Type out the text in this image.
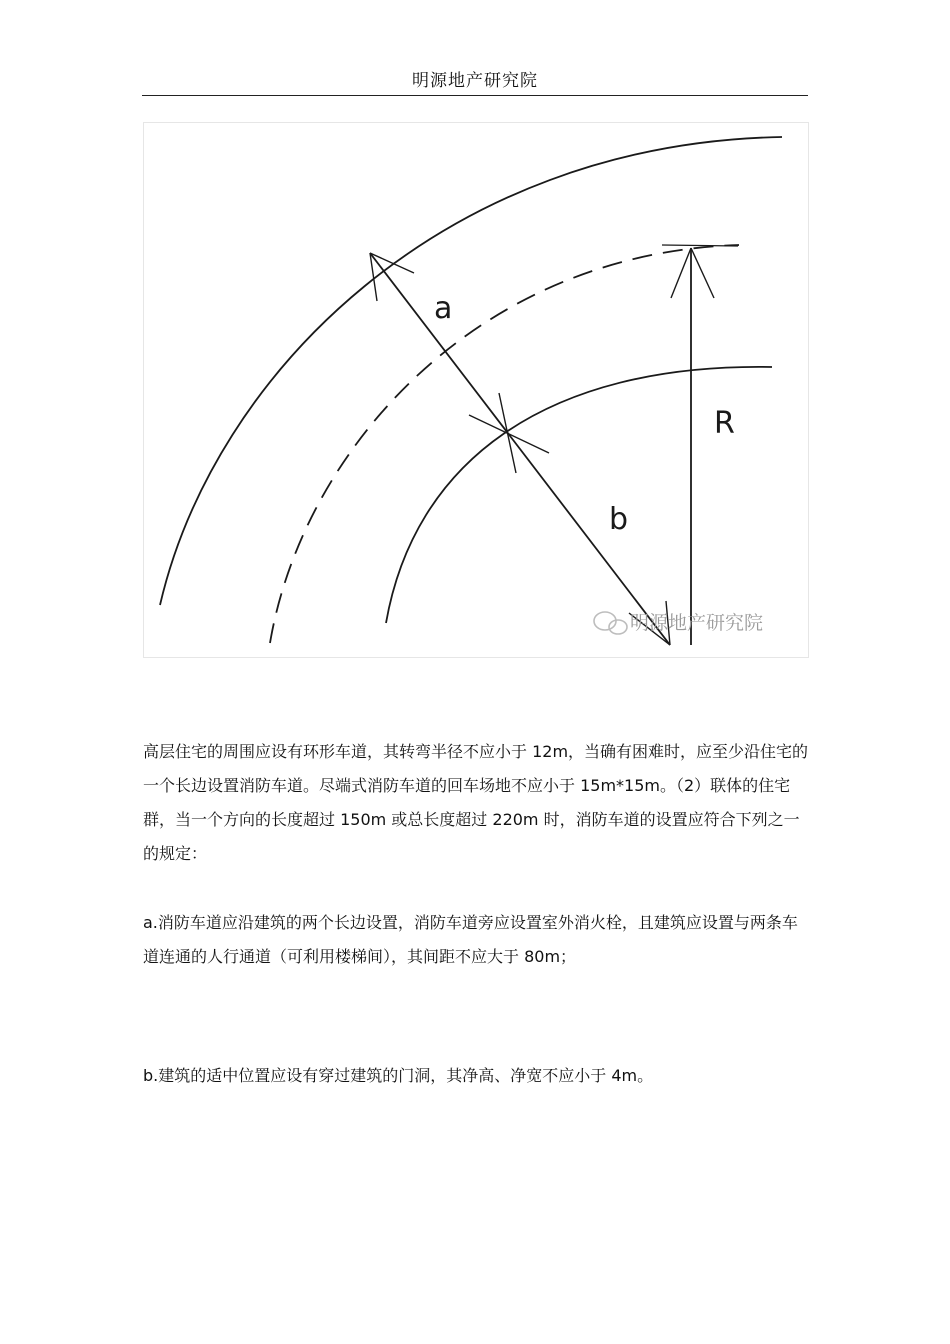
明源地产研究院
a
R
b
明源地产研究院

高层住宅的周围应设有环形车道，其转弯半径不应小于 12m，当确有困难时，应至少沿住宅的一个长边设置消防车道。尽端式消防车道的回车场地不应小于 15m*15m。（2）联体的住宅群，当一个方向的长度超过 150m 或总长度超过 220m 时，消防车道的设置应符合下列之一的规定：

a.消防车道应沿建筑的两个长边设置，消防车道旁应设置室外消火栓，且建筑应设置与两条车道连通的人行通道（可利用楼梯间），其间距不应大于 80m；

b.建筑的适中位置应设有穿过建筑的门洞，其净高、净宽不应小于 4m。
